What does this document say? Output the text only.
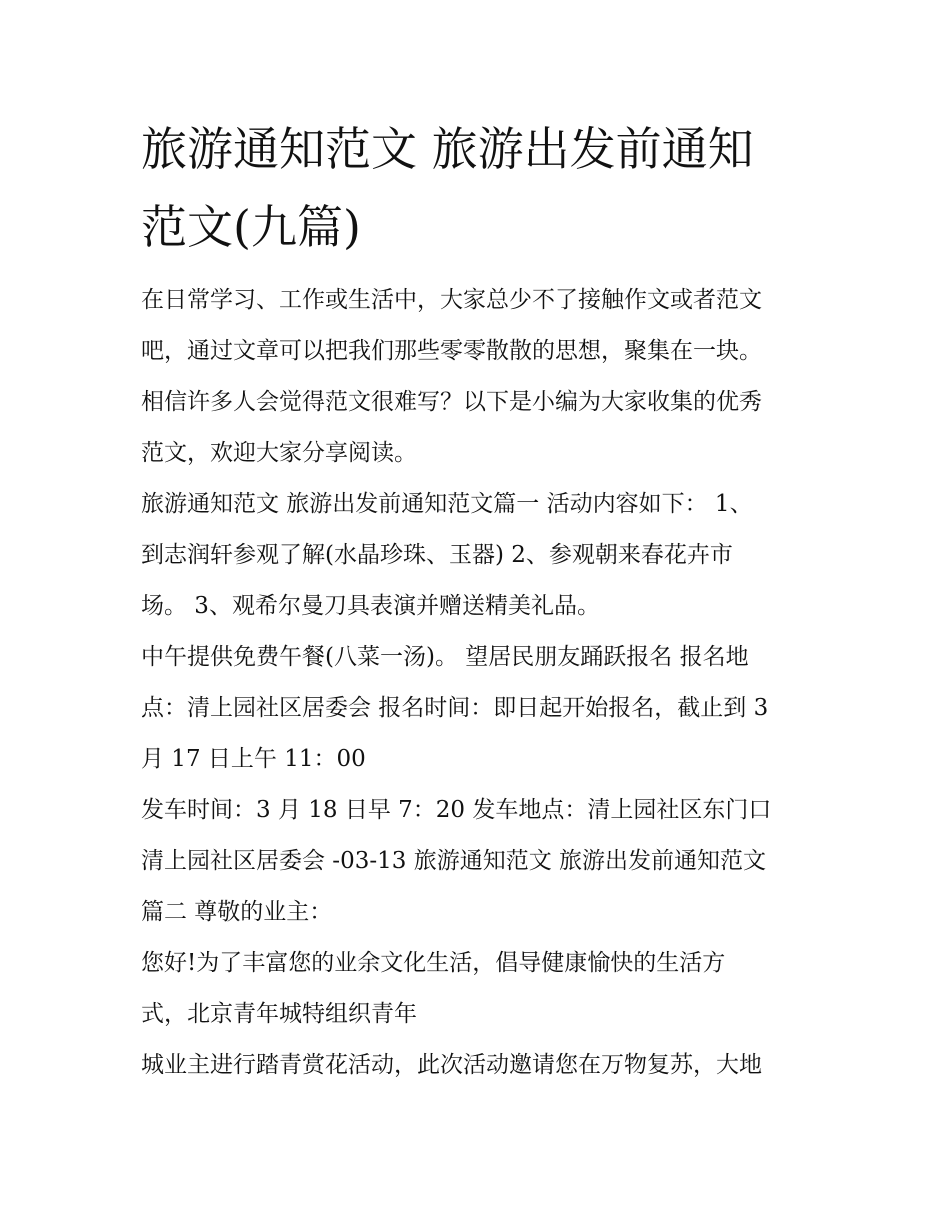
旅游通知范文 旅游出发前通知
范文(九篇)

在日常学习、工作或生活中，大家总少不了接触作文或者范文
吧，通过文章可以把我们那些零零散散的思想，聚集在一块。
相信许多人会觉得范文很难写？以下是小编为大家收集的优秀
范文，欢迎大家分享阅读。

旅游通知范文 旅游出发前通知范文篇一 活动内容如下： 1、
到志润轩参观了解(水晶珍珠、玉器) 2、参观朝来春花卉市
场。 3、观希尔曼刀具表演并赠送精美礼品。

中午提供免费午餐(八菜一汤)。 望居民朋友踊跃报名 报名地
点：清上园社区居委会 报名时间：即日起开始报名，截止到 3
月 17 日上午 11：00

发车时间：3 月 18 日早 7：20 发车地点：清上园社区东门口
清上园社区居委会 -03-13 旅游通知范文 旅游出发前通知范文
篇二 尊敬的业主：

您好!为了丰富您的业余文化生活，倡导健康愉快的生活方
式，北京青年城特组织青年

城业主进行踏青赏花活动，此次活动邀请您在万物复苏，大地
